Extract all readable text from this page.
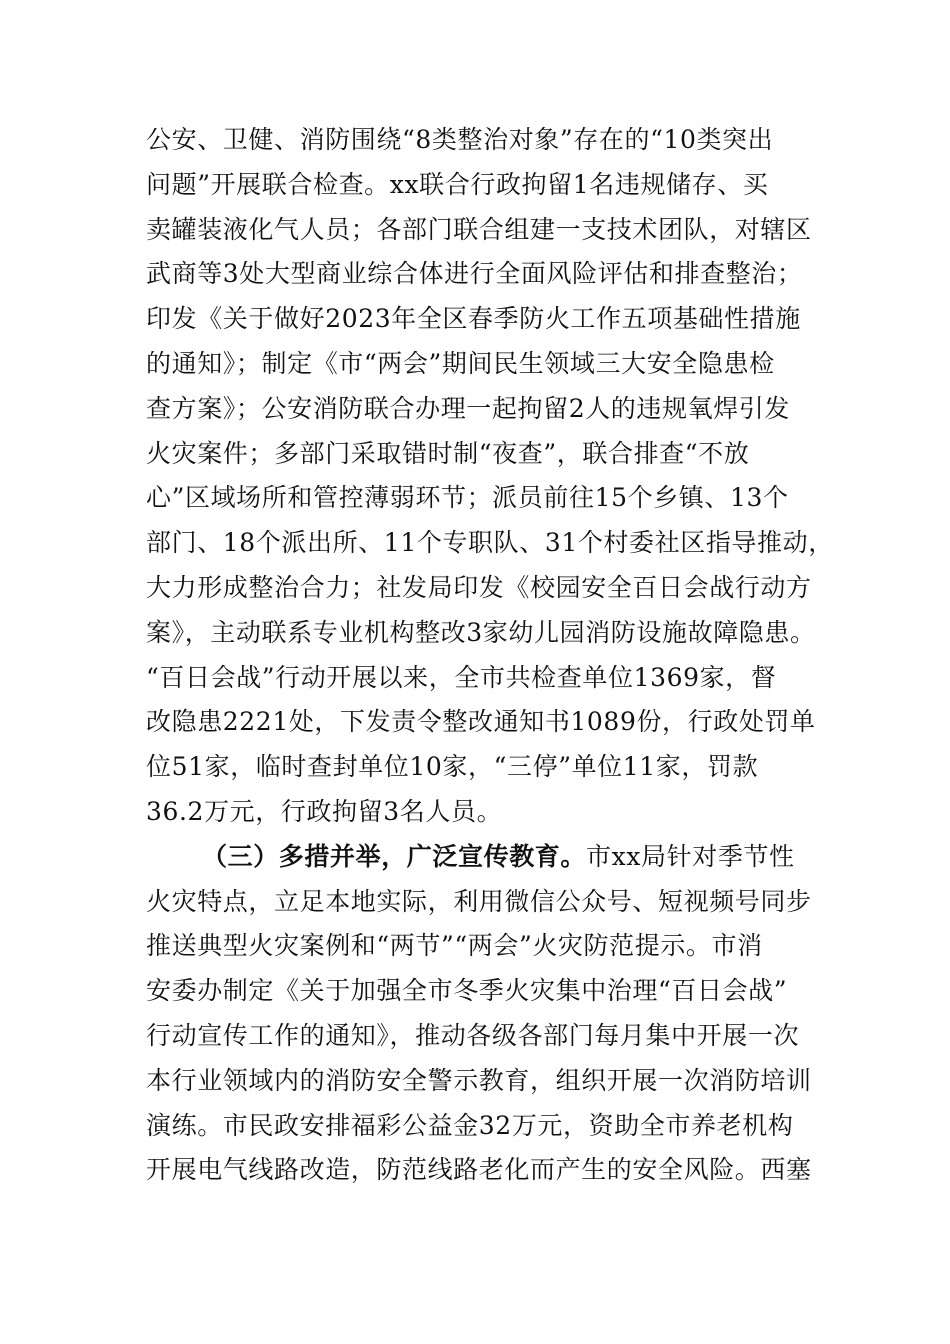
公安、卫健、消防围绕“8类整治对象”存在的“10类突出
问题”开展联合检查。xx联合行政拘留1名违规储存、买
卖罐装液化气人员；各部门联合组建一支技术团队，对辖区
武商等3处大型商业综合体进行全面风险评估和排查整治；
印发《关于做好2023年全区春季防火工作五项基础性措施
的通知》；制定《市“两会”期间民生领域三大安全隐患检
查方案》；公安消防联合办理一起拘留2人的违规氧焊引发
火灾案件；多部门采取错时制“夜查”，联合排查“不放
心”区域场所和管控薄弱环节；派员前往15个乡镇、13个
部门、18个派出所、11个专职队、31个村委社区指导推动，
大力形成整治合力；社发局印发《校园安全百日会战行动方
案》，主动联系专业机构整改3家幼儿园消防设施故障隐患。
“百日会战”行动开展以来，全市共检查单位1369家，督
改隐患2221处，下发责令整改通知书1089份，行政处罚单
位51家，临时查封单位10家，“三停”单位11家，罚款
36.2万元，行政拘留3名人员。
（三）多措并举，广泛宣传教育。市xx局针对季节性
火灾特点，立足本地实际，利用微信公众号、短视频号同步
推送典型火灾案例和“两节”“两会”火灾防范提示。市消
安委办制定《关于加强全市冬季火灾集中治理“百日会战”
行动宣传工作的通知》，推动各级各部门每月集中开展一次
本行业领域内的消防安全警示教育，组织开展一次消防培训
演练。市民政安排福彩公益金32万元，资助全市养老机构
开展电气线路改造，防范线路老化而产生的安全风险。西塞
